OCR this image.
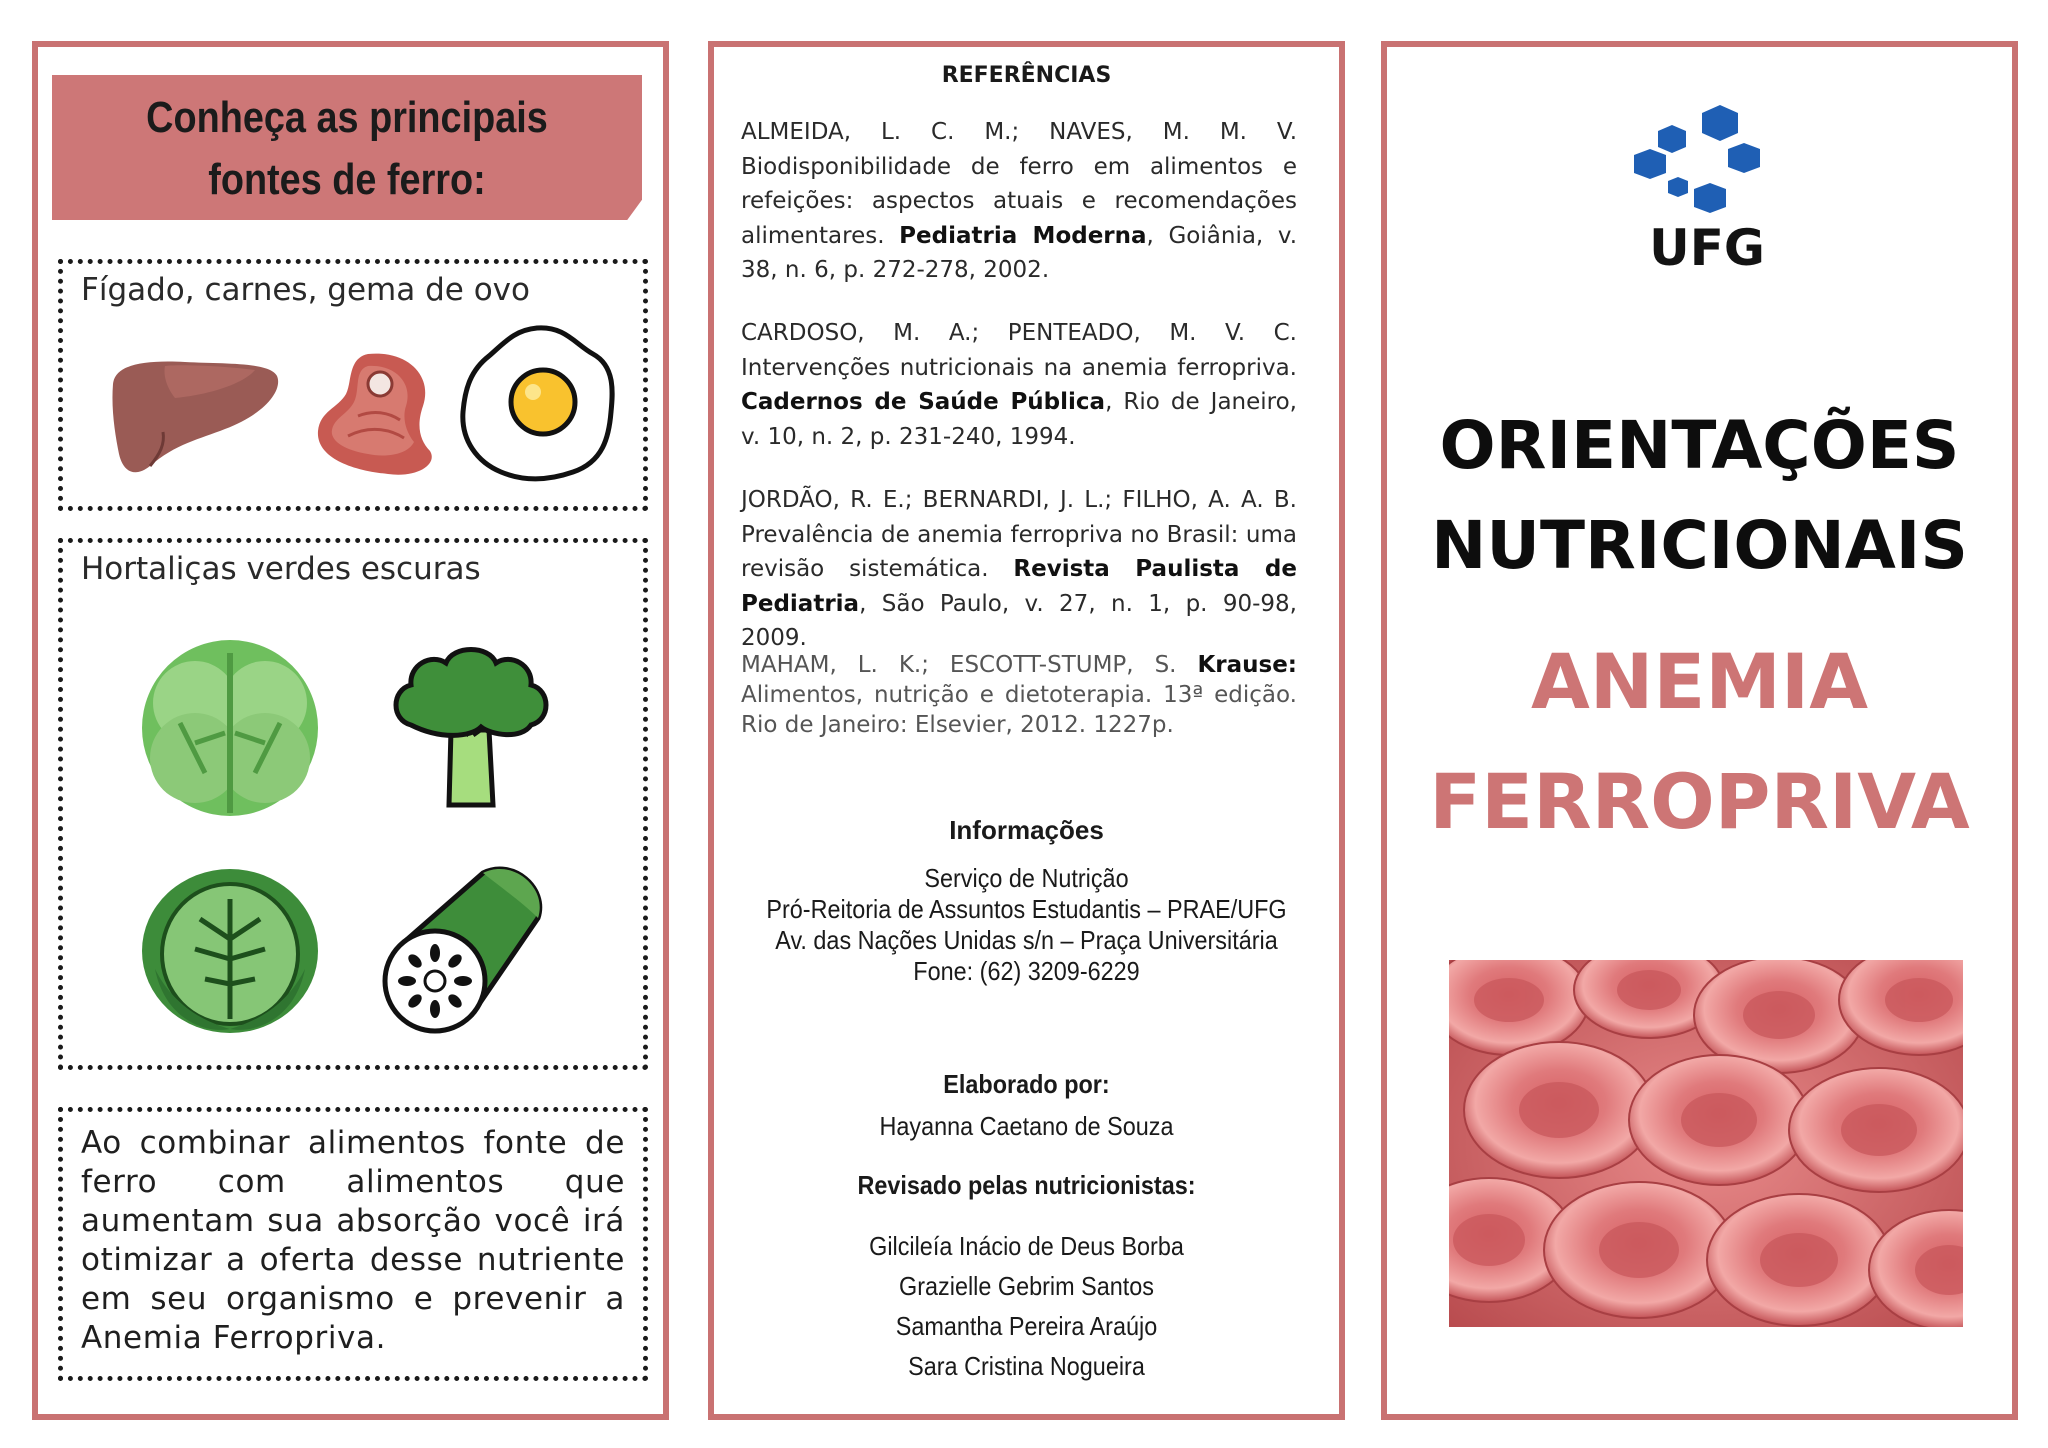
Conheça as principais
fontes de ferro:
Fígado, carnes, gema de ovo
Hortaliças verdes escuras
Ao combinar alimentos fonte de ferro com alimentos que aumentam sua absorção você irá otimizar a oferta desse nutriente em seu organismo e prevenir a Anemia Ferropriva.
REFERÊNCIAS
ALMEIDA, L. C. M.; NAVES, M. M. V. Biodisponibilidade de ferro em alimentos e refeições: aspectos atuais e recomendações alimentares. Pediatria Moderna, Goiânia, v. 38, n. 6, p. 272-278, 2002.
CARDOSO, M. A.; PENTEADO, M. V. C. Intervenções nutricionais na anemia ferropriva. Cadernos de Saúde Pública, Rio de Janeiro, v. 10, n. 2, p. 231-240, 1994.
JORDÃO, R. E.; BERNARDI, J. L.; FILHO, A. A. B. Prevalência de anemia ferropriva no Brasil: uma revisão sistemática. Revista Paulista de Pediatria, São Paulo, v. 27, n. 1, p. 90-98, 2009.
MAHAM, L. K.; ESCOTT-STUMP, S. Krause: Alimentos, nutrição e dietoterapia. 13ª edição. Rio de Janeiro: Elsevier, 2012. 1227p.
Informações
Serviço de Nutrição
Pró-Reitoria de Assuntos Estudantis – PRAE/UFG
Av. das Nações Unidas s/n – Praça Universitária
Fone: (62) 3209-6229
Elaborado por:
Hayanna Caetano de Souza
Revisado pelas nutricionistas:
Gilcileía Inácio de Deus Borba
Grazielle Gebrim Santos
Samantha Pereira Araújo
Sara Cristina Nogueira
UFG
ORIENTAÇÕES
NUTRICIONAIS
ANEMIA
FERROPRIVA
